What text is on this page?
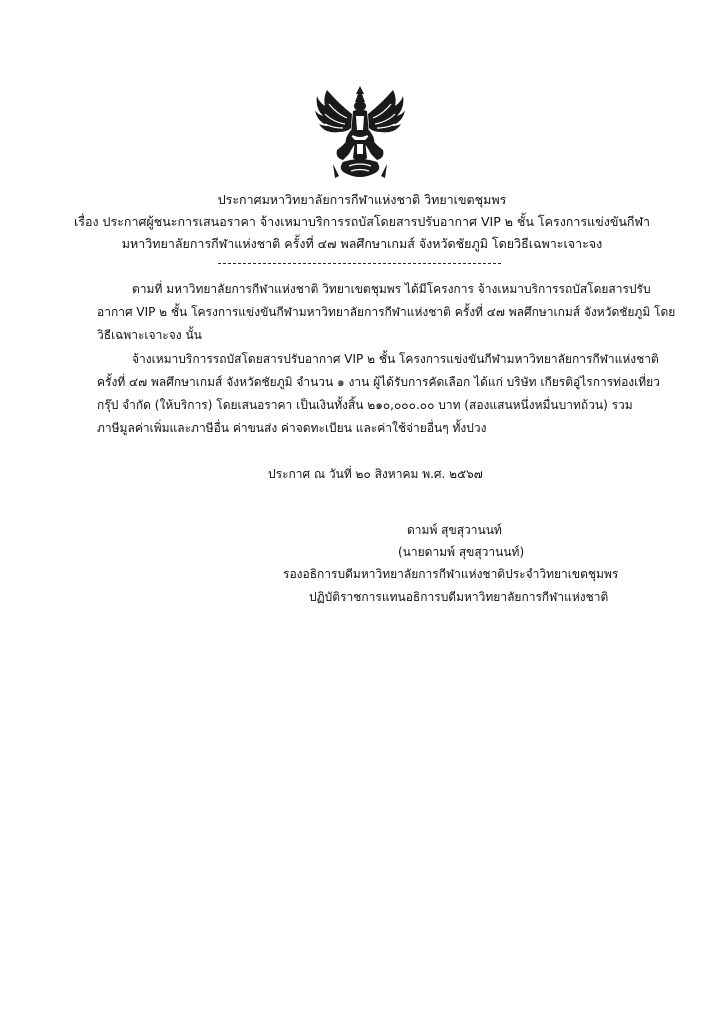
ประกาศมหาวิทยาลัยการกีฬาแห่งชาติ วิทยาเขตชุมพร
เรื่อง ประกาศผู้ชนะการเสนอราคา จ้างเหมาบริการรถบัสโดยสารปรับอากาศ VIP ๒ ชั้น โครงการแข่งขันกีฬา
มหาวิทยาลัยการกีฬาแห่งชาติ ครั้งที่ ๔๗ พลศึกษาเกมส์ จังหวัดชัยภูมิ โดยวิธีเฉพาะเจาะจง
ตามที่ มหาวิทยาลัยการกีฬาแห่งชาติ วิทยาเขตชุมพร ได้มีโครงการ จ้างเหมาบริการรถบัสโดยสารปรับ
อากาศ VIP ๒ ชั้น โครงการแข่งขันกีฬามหาวิทยาลัยการกีฬาแห่งชาติ ครั้งที่ ๔๗ พลศึกษาเกมส์ จังหวัดชัยภูมิ โดย
วิธีเฉพาะเจาะจง นั้น
จ้างเหมาบริการรถบัสโดยสารปรับอากาศ VIP ๒ ชั้น โครงการแข่งขันกีฬามหาวิทยาลัยการกีฬาแห่งชาติ
ครั้งที่ ๔๗ พลศึกษาเกมส์ จังหวัดชัยภูมิ จำนวน ๑ งาน ผู้ได้รับการคัดเลือก ได้แก่ บริษัท เกียรติอู่ไรการท่องเที่ยว
กรุ๊ป จำกัด (ให้บริการ) โดยเสนอราคา เป็นเงินทั้งสิ้น ๒๑๐,๐๐๐.๐๐ บาท (สองแสนหนึ่งหมื่นบาทถ้วน) รวม
ภาษีมูลค่าเพิ่มและภาษีอื่น ค่าขนส่ง ค่าจดทะเบียน และค่าใช้จ่ายอื่นๆ ทั้งปวง
ประกาศ ณ วันที่ ๒๐ สิงหาคม พ.ศ. ๒๕๖๗
ดามพ์ สุขสุวานนท์
(นายดามพ์ สุขสุวานนท์)
รองอธิการบดีมหาวิทยาลัยการกีฬาแห่งชาติประจำวิทยาเขตชุมพร
ปฏิบัติราชการแทนอธิการบดีมหาวิทยาลัยการกีฬาแห่งชาติ
